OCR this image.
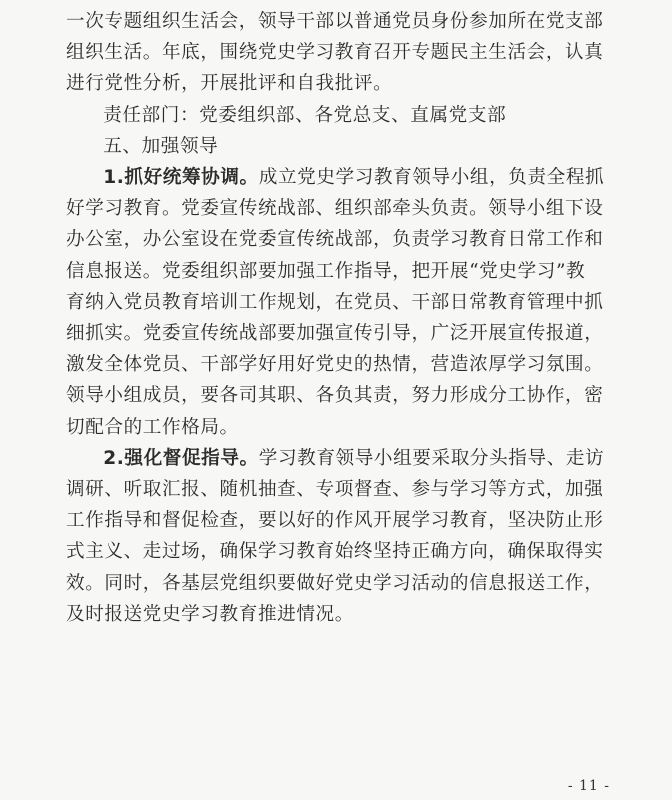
一次专题组织生活会，领导干部以普通党员身份参加所在党支部
组织生活。年底，围绕党史学习教育召开专题民主生活会，认真
进行党性分析，开展批评和自我批评。
责任部门：党委组织部、各党总支、直属党支部
五、加强领导
1.抓好统筹协调。成立党史学习教育领导小组，负责全程抓
好学习教育。党委宣传统战部、组织部牵头负责。领导小组下设
办公室，办公室设在党委宣传统战部，负责学习教育日常工作和
信息报送。党委组织部要加强工作指导，把开展“党史学习”教
育纳入党员教育培训工作规划，在党员、干部日常教育管理中抓
细抓实。党委宣传统战部要加强宣传引导，广泛开展宣传报道，
激发全体党员、干部学好用好党史的热情，营造浓厚学习氛围。
领导小组成员，要各司其职、各负其责，努力形成分工协作，密
切配合的工作格局。
2.强化督促指导。学习教育领导小组要采取分头指导、走访
调研、听取汇报、随机抽查、专项督查、参与学习等方式，加强
工作指导和督促检查，要以好的作风开展学习教育，坚决防止形
式主义、走过场，确保学习教育始终坚持正确方向，确保取得实
效。同时，各基层党组织要做好党史学习活动的信息报送工作，
及时报送党史学习教育推进情况。
- 11 -
